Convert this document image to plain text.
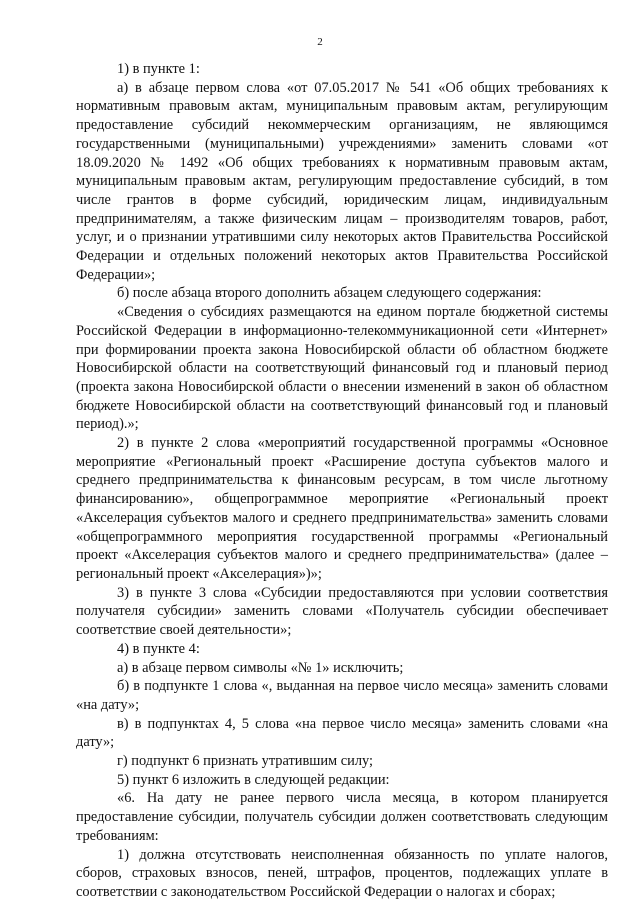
2

1) в пункте 1:

а) в абзаце первом слова «от 07.05.2017 № 541 «Об общих требованиях к нормативным правовым актам, муниципальным правовым актам, регулирующим предоставление субсидий некоммерческим организациям, не являющимся государственными (муниципальными) учреждениями» заменить словами «от 18.09.2020 № 1492 «Об общих требованиях к нормативным правовым актам, муниципальным правовым актам, регулирующим предоставление субсидий, в том числе грантов в форме субсидий, юридическим лицам, индивидуальным предпринимателям, а также физическим лицам – производителям товаров, работ, услуг, и о признании утратившими силу некоторых актов Правительства Российской Федерации и отдельных положений некоторых актов Правительства Российской Федерации»;

б) после абзаца второго дополнить абзацем следующего содержания:

«Сведения о субсидиях размещаются на едином портале бюджетной системы Российской Федерации в информационно-телекоммуникационной сети «Интернет» при формировании проекта закона Новосибирской области об областном бюджете Новосибирской области на соответствующий финансовый год и плановый период (проекта закона Новосибирской области о внесении изменений в закон об областном бюджете Новосибирской области на соответствующий финансовый год и плановый период).»;

2) в пункте 2 слова «мероприятий государственной программы «Основное мероприятие «Региональный проект «Расширение доступа субъектов малого и среднего предпринимательства к финансовым ресурсам, в том числе льготному финансированию», общепрограммное мероприятие «Региональный проект «Акселерация субъектов малого и среднего предпринимательства» заменить словами «общепрограммного мероприятия государственной программы «Региональный проект «Акселерация субъектов малого и среднего предпринимательства» (далее – региональный проект «Акселерация»)»;

3) в пункте 3 слова «Субсидии предоставляются при условии соответствия получателя субсидии» заменить словами «Получатель субсидии обеспечивает соответствие своей деятельности»;

4) в пункте 4:

а) в абзаце первом символы «№ 1» исключить;

б) в подпункте 1 слова «, выданная на первое число месяца» заменить словами «на дату»;

в) в подпунктах 4, 5 слова «на первое число месяца» заменить словами «на дату»;

г) подпункт 6 признать утратившим силу;

5) пункт 6 изложить в следующей редакции:

«6. На дату не ранее первого числа месяца, в котором планируется предоставление субсидии, получатель субсидии должен соответствовать следующим требованиям:

1) должна отсутствовать неисполненная обязанность по уплате налогов, сборов, страховых взносов, пеней, штрафов, процентов, подлежащих уплате в соответствии с законодательством Российской Федерации о налогах и сборах;
